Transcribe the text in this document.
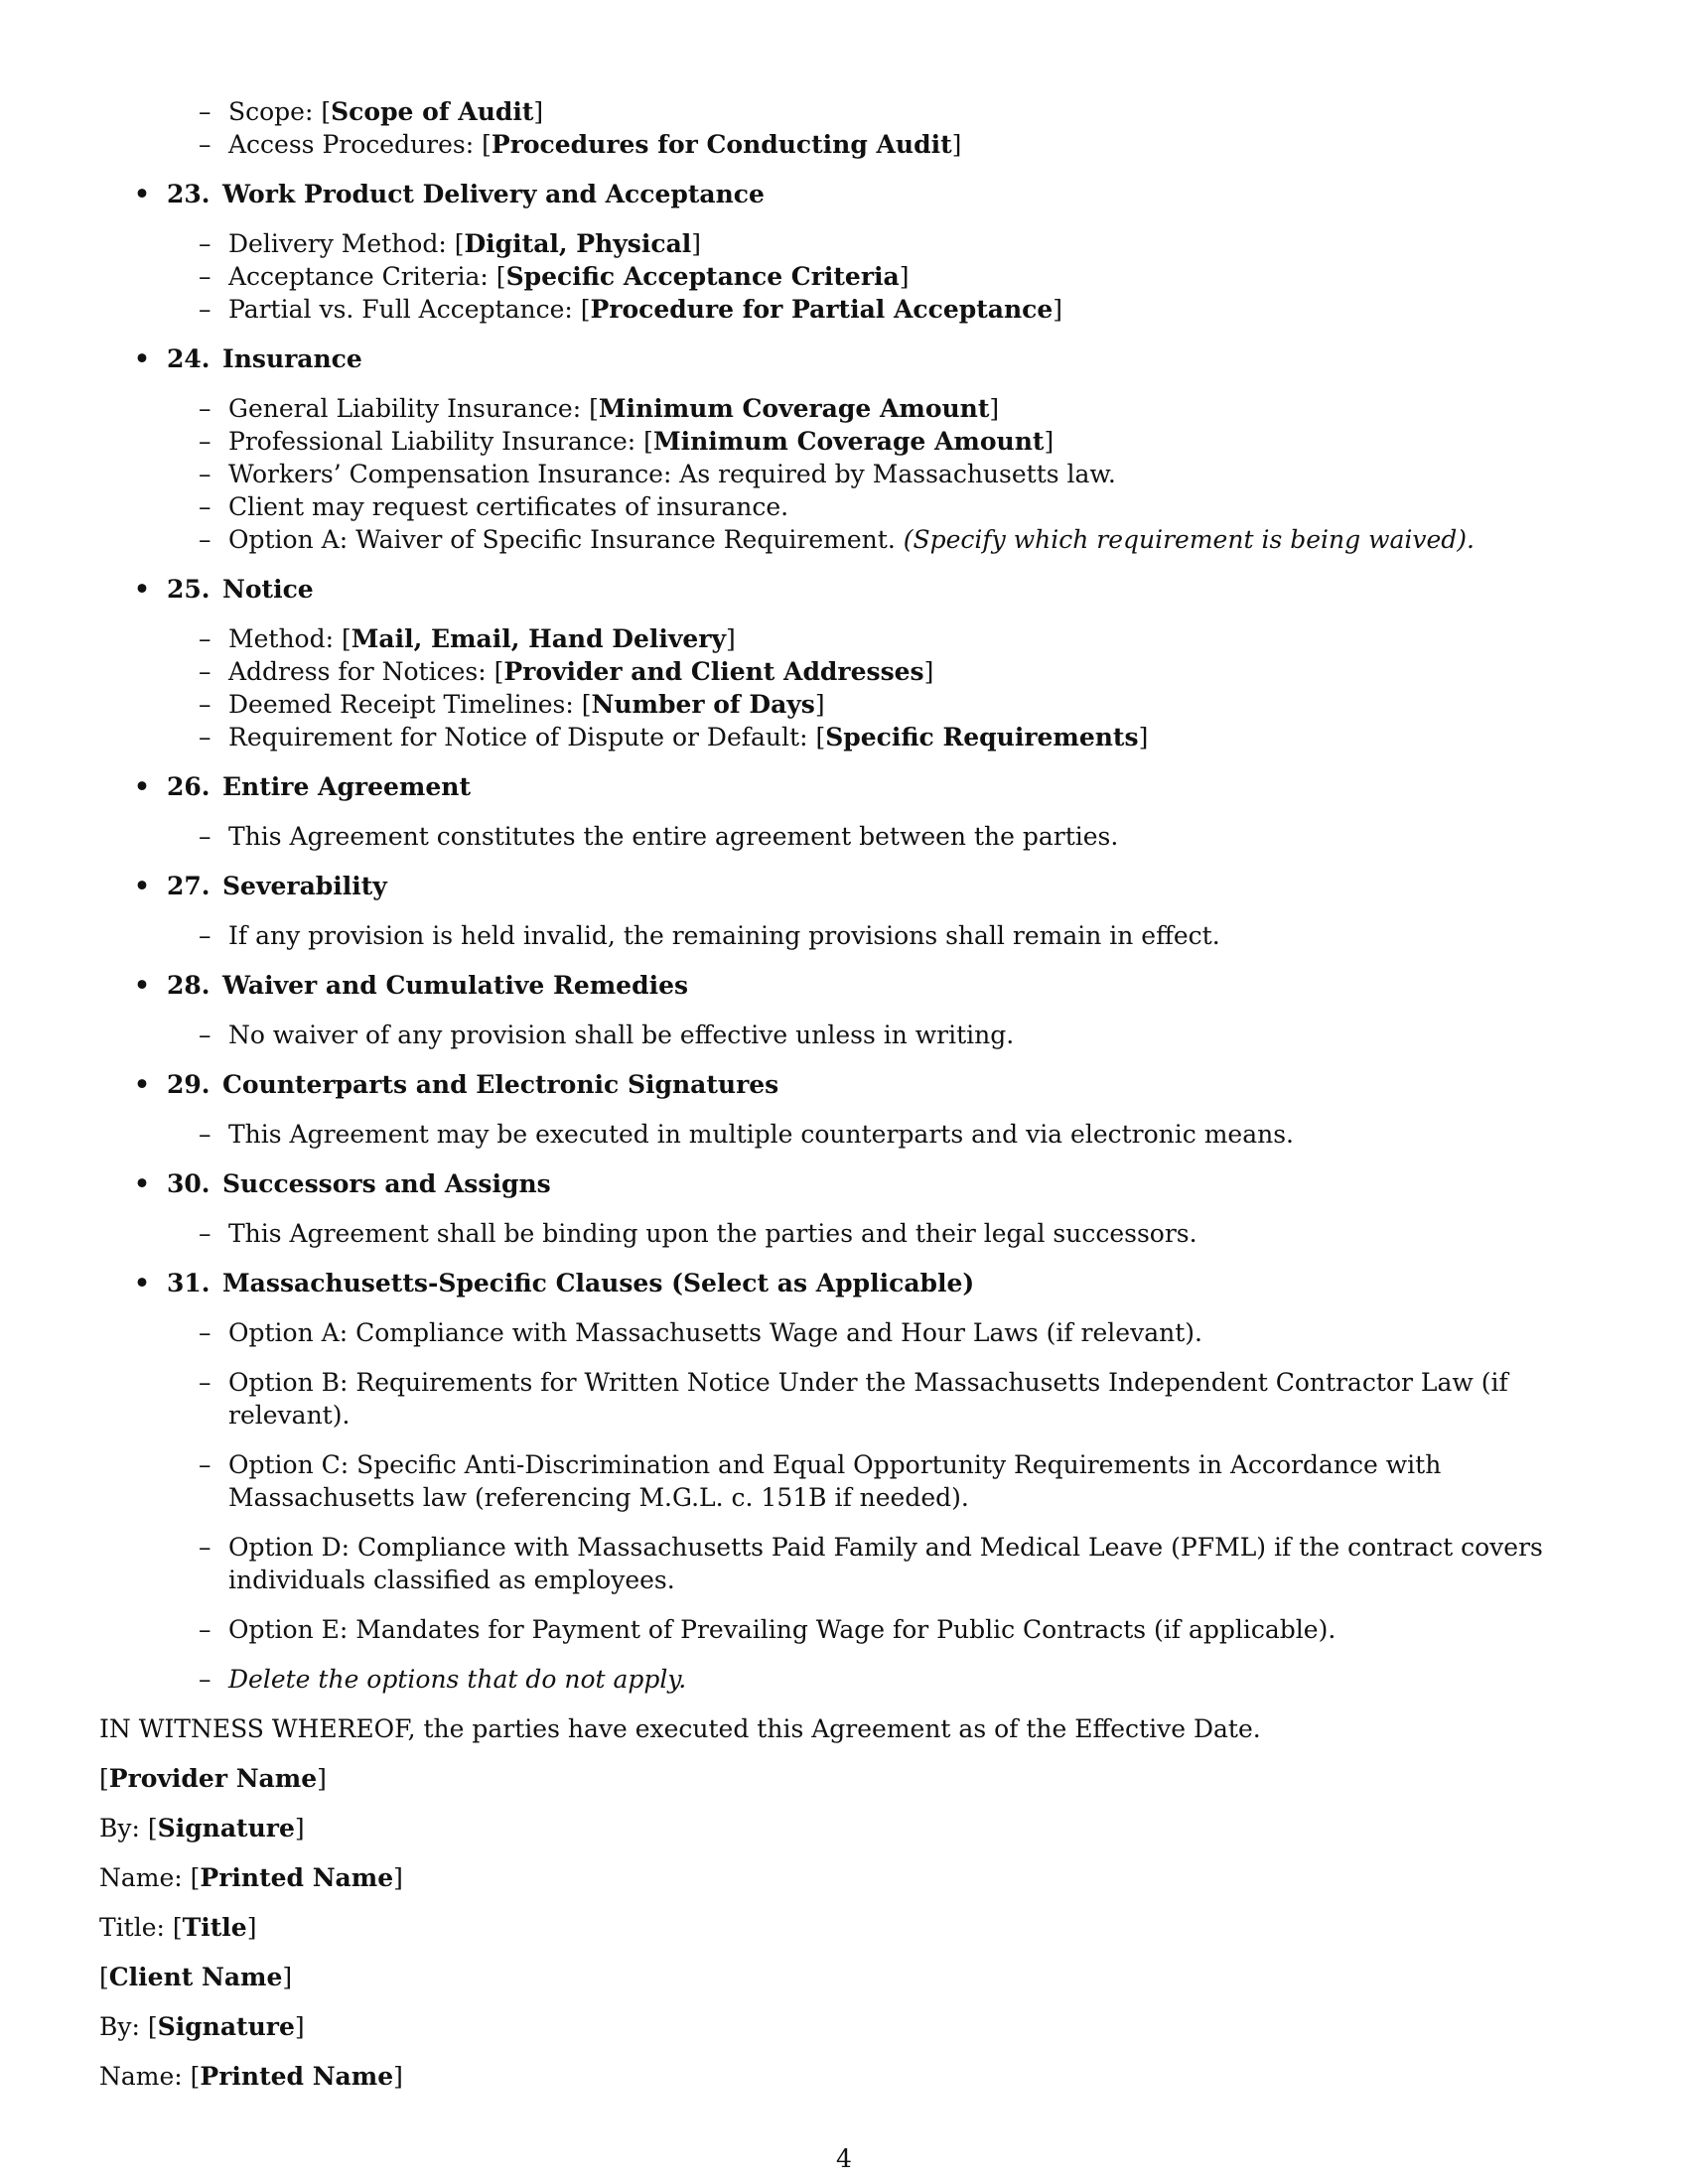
– Scope: [Scope of Audit]
– Access Procedures: [Procedures for Conducting Audit]
• 23. Work Product Delivery and Acceptance
– Delivery Method: [Digital, Physical]
– Acceptance Criteria: [Specific Acceptance Criteria]
– Partial vs. Full Acceptance: [Procedure for Partial Acceptance]
• 24. Insurance
– General Liability Insurance: [Minimum Coverage Amount]
– Professional Liability Insurance: [Minimum Coverage Amount]
– Workers’ Compensation Insurance: As required by Massachusetts law.
– Client may request certificates of insurance.
– Option A: Waiver of Specific Insurance Requirement. (Specify which requirement is being waived).
• 25. Notice
– Method: [Mail, Email, Hand Delivery]
– Address for Notices: [Provider and Client Addresses]
– Deemed Receipt Timelines: [Number of Days]
– Requirement for Notice of Dispute or Default: [Specific Requirements]
• 26. Entire Agreement
– This Agreement constitutes the entire agreement between the parties.
• 27. Severability
– If any provision is held invalid, the remaining provisions shall remain in effect.
• 28. Waiver and Cumulative Remedies
– No waiver of any provision shall be effective unless in writing.
• 29. Counterparts and Electronic Signatures
– This Agreement may be executed in multiple counterparts and via electronic means.
• 30. Successors and Assigns
– This Agreement shall be binding upon the parties and their legal successors.
• 31. Massachusetts-Specific Clauses (Select as Applicable)
– Option A: Compliance with Massachusetts Wage and Hour Laws (if relevant).
– Option B: Requirements for Written Notice Under the Massachusetts Independent Contractor Law (if relevant).
– Option C: Specific Anti-Discrimination and Equal Opportunity Requirements in Accordance with Massachusetts law (referencing M.G.L. c. 151B if needed).
– Option D: Compliance with Massachusetts Paid Family and Medical Leave (PFML) if the contract covers individuals classified as employees.
– Option E: Mandates for Payment of Prevailing Wage for Public Contracts (if applicable).
– Delete the options that do not apply.

IN WITNESS WHEREOF, the parties have executed this Agreement as of the Effective Date.

[Provider Name]

By: [Signature]

Name: [Printed Name]

Title: [Title]

[Client Name]

By: [Signature]

Name: [Printed Name]

4
